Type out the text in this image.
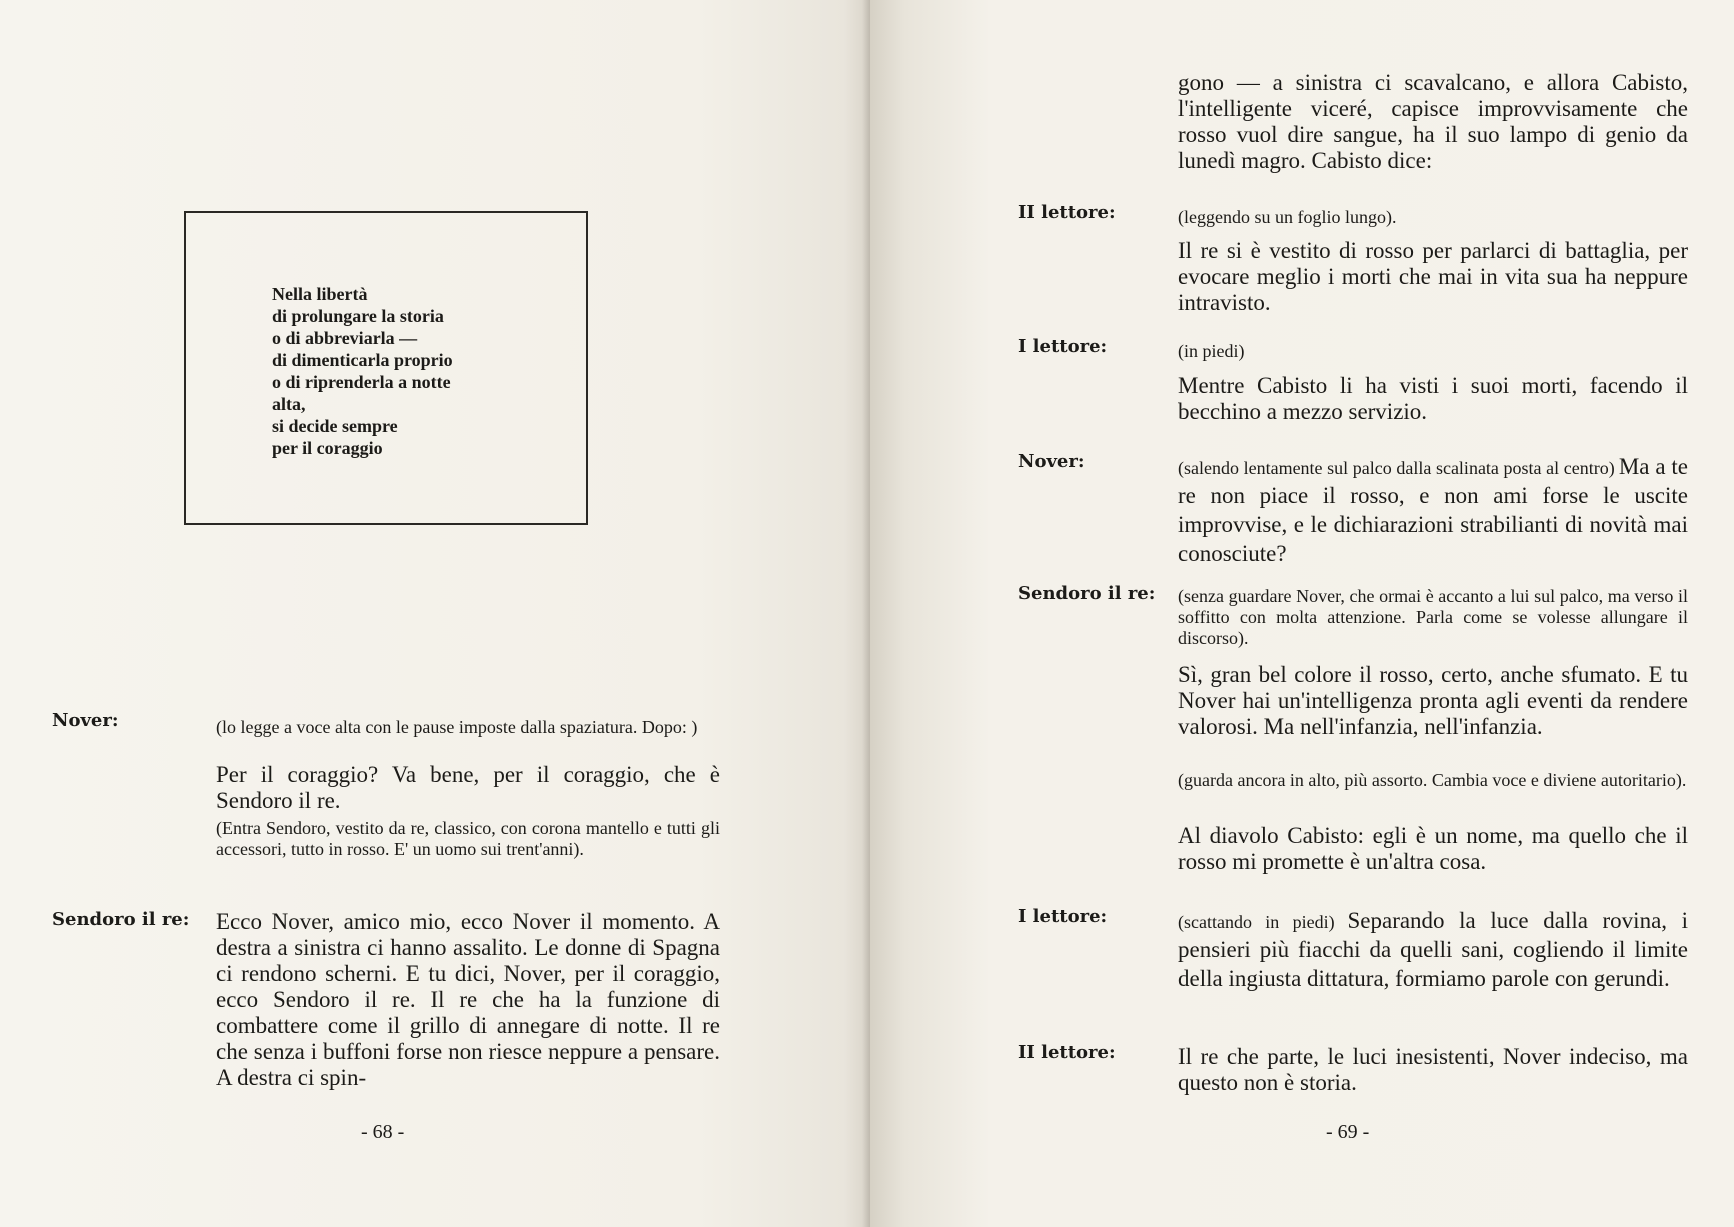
Nella libertà
di prolungare la storia
o di abbreviarla —
di dimenticarla proprio
o di riprenderla a notte
alta,
si decide sempre
per il coraggio
Nover:	(lo legge a voce alta con le pause imposte dalla spaziatura. Dopo: )
Per il coraggio? Va bene, per il coraggio, che è Sendoro il re.
(Entra Sendoro, vestito da re, classico, con corona mantello e tutti gli accessori, tutto in rosso. E' un uomo sui trent'anni).
Sendoro il re: Ecco Nover, amico mio, ecco Nover il momento. A destra a sinistra ci hanno assalito. Le donne di Spagna ci rendono scherni. E tu dici, Nover, per il coraggio, ecco Sendoro il re. Il re che ha la funzione di combattere come il grillo di annegare di notte. Il re che senza i buffoni forse non riesce neppure a pensare. A destra ci spin-
- 68 -
gono — a sinistra ci scavalcano, e allora Cabisto, l'intelligente viceré, capisce improvvisamente che rosso vuol dire sangue, ha il suo lampo di genio da lunedì magro. Cabisto dice:
II lettore:	(leggendo su un foglio lungo).
Il re si è vestito di rosso per parlarci di battaglia, per evocare meglio i morti che mai in vita sua ha neppure intravisto.
I lettore:	(in piedi)
Mentre Cabisto li ha visti i suoi morti, facendo il becchino a mezzo servizio.
Nover:	(salendo lentamente sul palco dalla scalinata posta al centro) Ma a te re non piace il rosso, e non ami forse le uscite improvvise, e le dichiarazioni strabilianti di novità mai conosciute?
Sendoro il re: (senza guardare Nover, che ormai è accanto a lui sul palco, ma verso il soffitto con molta attenzione. Parla come se volesse allungare il discorso).
Sì, gran bel colore il rosso, certo, anche sfumato. E tu Nover hai un'intelligenza pronta agli eventi da rendere valorosi. Ma nell'infanzia, nell'infanzia.
(guarda ancora in alto, più assorto. Cambia voce e diviene autoritario).
Al diavolo Cabisto: egli è un nome, ma quello che il rosso mi promette è un'altra cosa.
I lettore:	(scattando in piedi) Separando la luce dalla rovina, i pensieri più fiacchi da quelli sani, cogliendo il limite della ingiusta dittatura, formiamo parole con gerundi.
II lettore:	Il re che parte, le luci inesistenti, Nover indeciso, ma questo non è storia.
- 69 -
